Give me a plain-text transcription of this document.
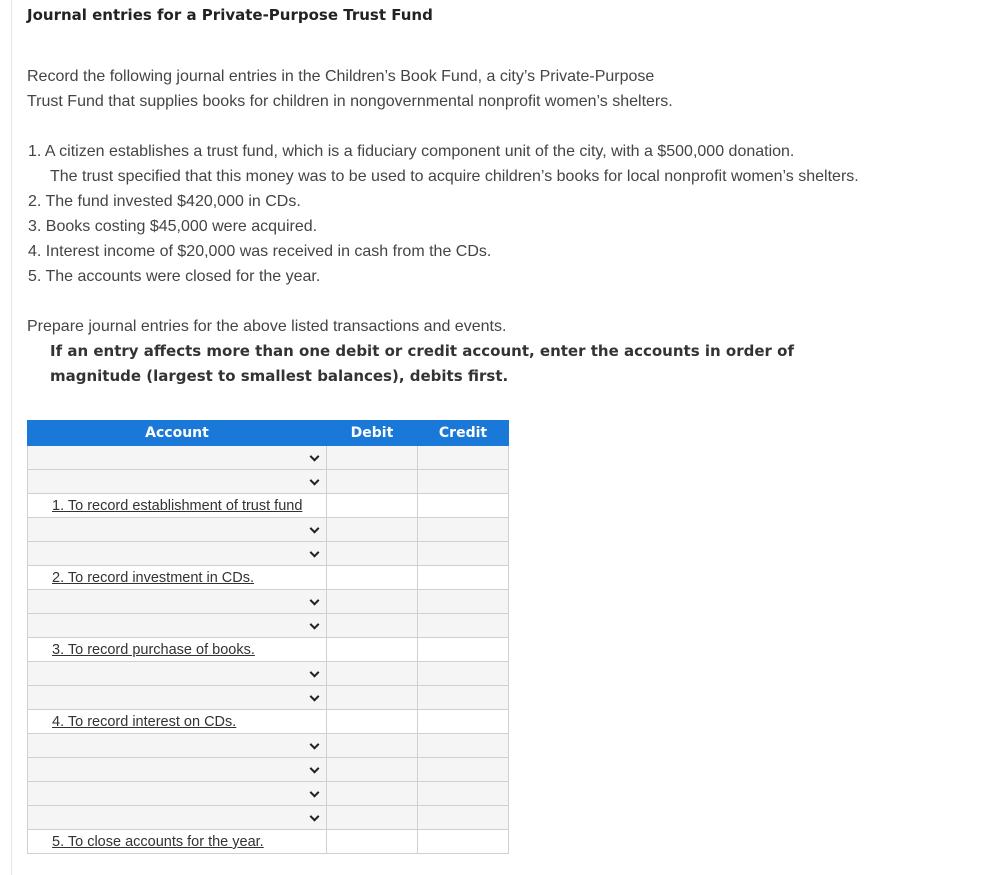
Journal entries for a Private-Purpose Trust Fund
Record the following journal entries in the Children’s Book Fund, a city’s Private-Purpose
Trust Fund that supplies books for children in nongovernmental nonprofit women’s shelters.
1. A citizen establishes a trust fund, which is a fiduciary component unit of the city, with a $500,000 donation.
The trust specified that this money was to be used to acquire children’s books for local nonprofit women’s shelters.
2. The fund invested $420,000 in CDs.
3. Books costing $45,000 were acquired.
4. Interest income of $20,000 was received in cash from the CDs.
5. The accounts were closed for the year.
Prepare journal entries for the above listed transactions and events.
If an entry affects more than one debit or credit account, enter the accounts in order of
magnitude (largest to smallest balances), debits first.
Account	Debit	Credit

1. To record establishment of trust fund		

2. To record investment in CDs.		

3. To record purchase of books.		

4. To record interest on CDs.		

5. To close accounts for the year.		
